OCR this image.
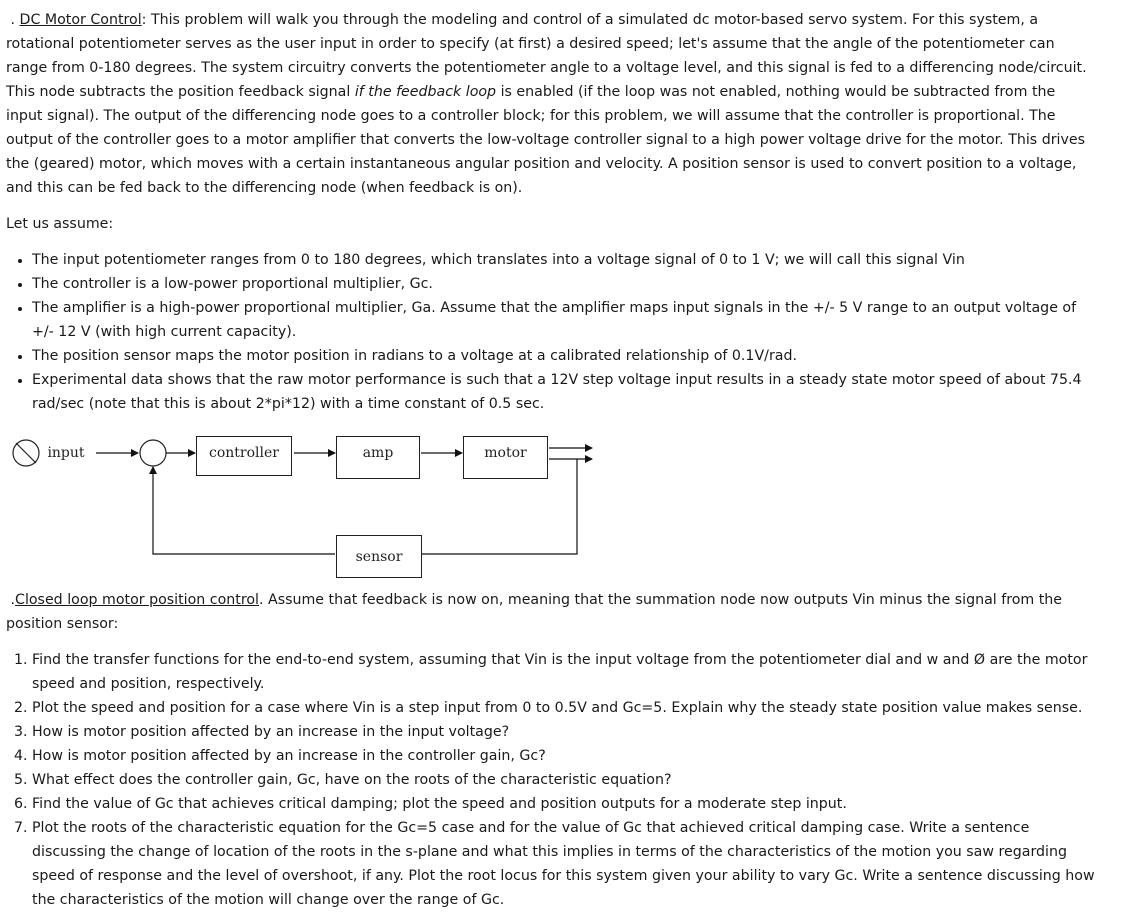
. DC Motor Control: This problem will walk you through the modeling and control of a simulated dc motor-based servo system. For this system, a rotational potentiometer serves as the user input in order to specify (at first) a desired speed; let's assume that the angle of the potentiometer can range from 0-180 degrees. The system circuitry converts the potentiometer angle to a voltage level, and this signal is fed to a differencing node/circuit. This node subtracts the position feedback signal if the feedback loop is enabled (if the loop was not enabled, nothing would be subtracted from the input signal). The output of the differencing node goes to a controller block; for this problem, we will assume that the controller is proportional. The output of the controller goes to a motor amplifier that converts the low-voltage controller signal to a high power voltage drive for the motor. This drives the (geared) motor, which moves with a certain instantaneous angular position and velocity. A position sensor is used to convert position to a voltage, and this can be fed back to the differencing node (when feedback is on).

Let us assume:
• The input potentiometer ranges from 0 to 180 degrees, which translates into a voltage signal of 0 to 1 V; we will call this signal Vin
• The controller is a low-power proportional multiplier, Gc.
• The amplifier is a high-power proportional multiplier, Ga. Assume that the amplifier maps input signals in the +/- 5 V range to an output voltage of +/- 12 V (with high current capacity).
• The position sensor maps the motor position in radians to a voltage at a calibrated relationship of 0.1V/rad.
• Experimental data shows that the raw motor performance is such that a 12V step voltage input results in a steady state motor speed of about 75.4 rad/sec (note that this is about 2*pi*12) with a time constant of 0.5 sec.
input	controller	amp	motor
sensor

.Closed loop motor position control. Assume that feedback is now on, meaning that the summation node now outputs Vin minus the signal from the position sensor:

1. Find the transfer functions for the end-to-end system, assuming that Vin is the input voltage from the potentiometer dial and w and Ø are the motor speed and position, respectively.
2. Plot the speed and position for a case where Vin is a step input from 0 to 0.5V and Gc=5. Explain why the steady state position value makes sense.
3. How is motor position affected by an increase in the input voltage?
4. How is motor position affected by an increase in the controller gain, Gc?
5. What effect does the controller gain, Gc, have on the roots of the characteristic equation?
6. Find the value of Gc that achieves critical damping; plot the speed and position outputs for a moderate step input.
7. Plot the roots of the characteristic equation for the Gc=5 case and for the value of Gc that achieved critical damping case. Write a sentence discussing the change of location of the roots in the s-plane and what this implies in terms of the characteristics of the motion you saw regarding speed of response and the level of overshoot, if any. Plot the root locus for this system given your ability to vary Gc. Write a sentence discussing how the characteristics of the motion will change over the range of Gc.
